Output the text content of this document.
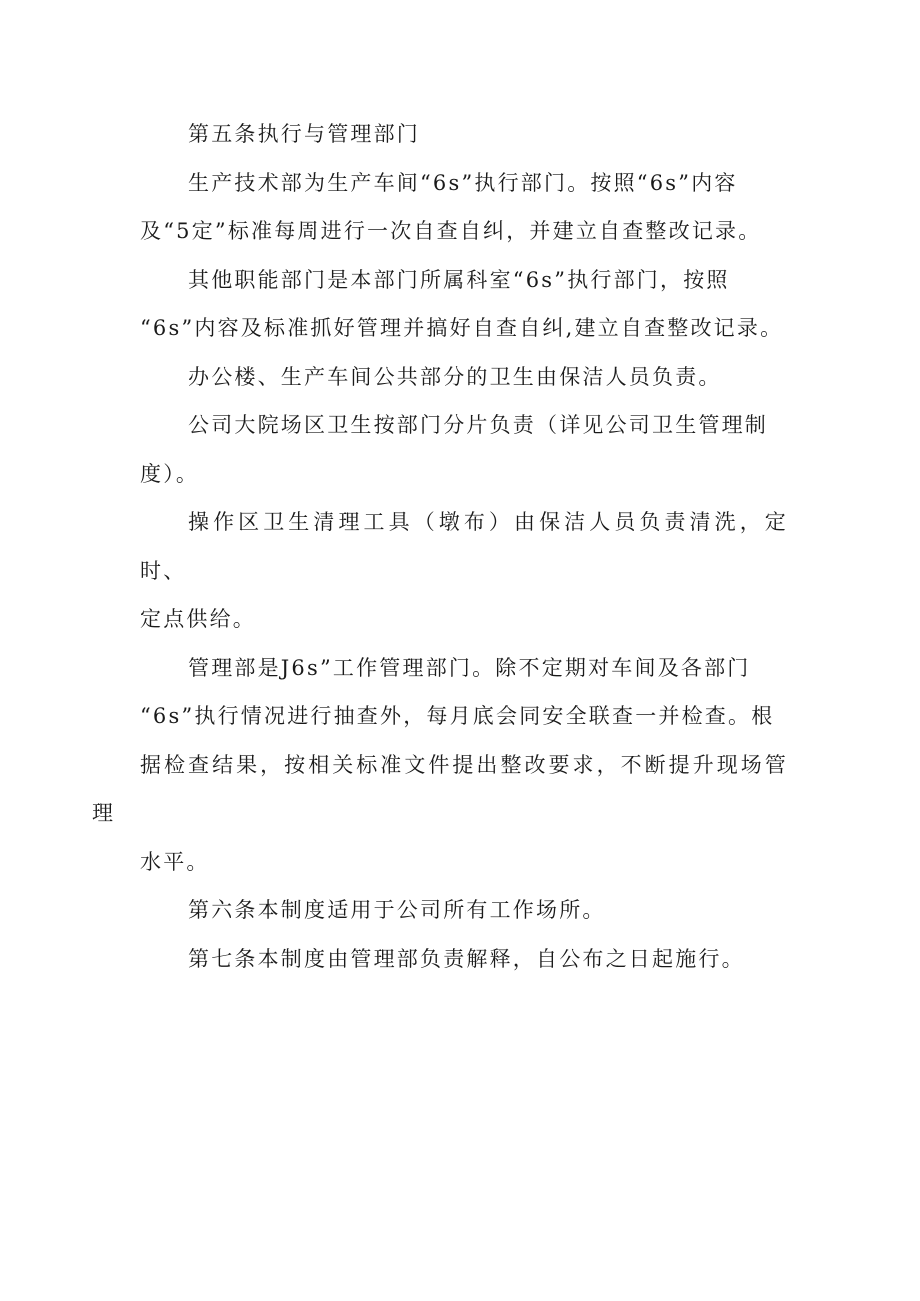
第五条执行与管理部门

生产技术部为生产车间“6s”执行部门。按照“6s”内容
及“5定”标准每周进行一次自查自纠，并建立自查整改记录。

其他职能部门是本部门所属科室“6s”执行部门，按照
“6s”内容及标准抓好管理并搞好自查自纠,建立自查整改记录。

办公楼、生产车间公共部分的卫生由保洁人员负责。

公司大院场区卫生按部门分片负责（详见公司卫生管理制
度）。

操作区卫生清理工具（墩布）由保洁人员负责清洗，定时、
定点供给。

管理部是J6s”工作管理部门。除不定期对车间及各部门
“6s”执行情况进行抽查外，每月底会同安全联查一并检查。根
据检查结果，按相关标准文件提出整改要求，不断提升现场管理
水平。

第六条本制度适用于公司所有工作场所。

第七条本制度由管理部负责解释，自公布之日起施行。
